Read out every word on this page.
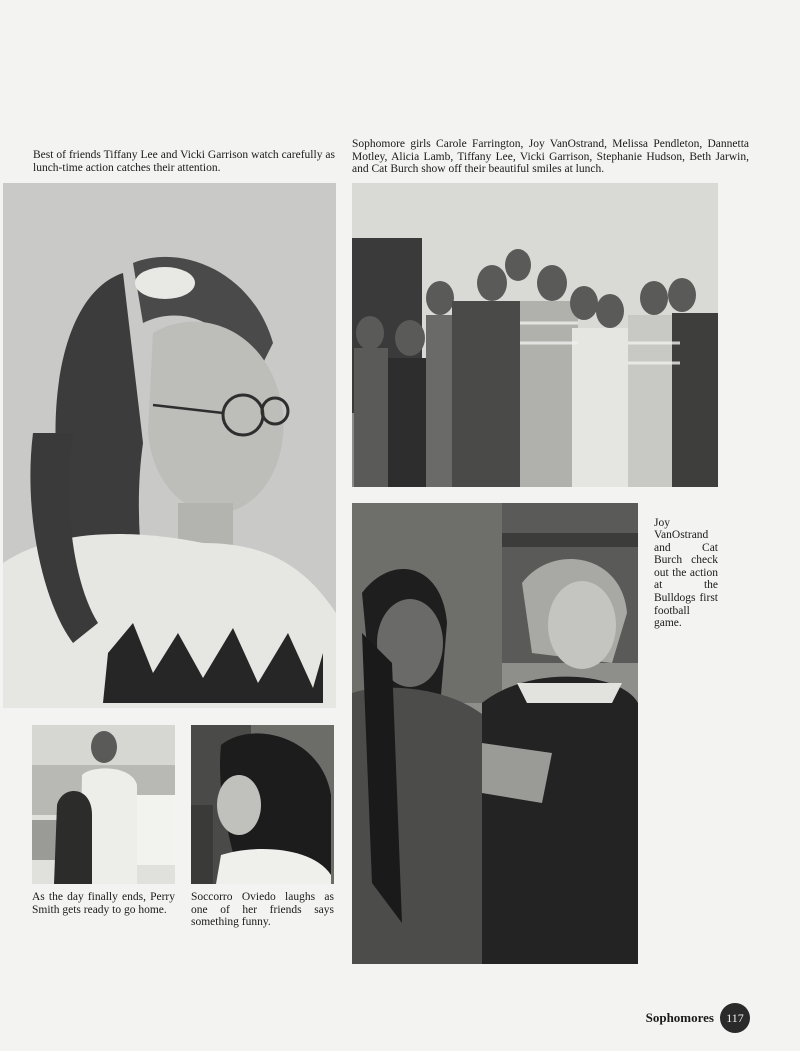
Best of friends Tiffany Lee and Vicki Garrison watch carefully as lunch-time action catches their attention.

Sophomore girls Carole Farrington, Joy VanOstrand, Melissa Pendleton, Dannetta Motley, Alicia Lamb, Tiffany Lee, Vicki Garrison, Stephanie Hudson, Beth Jarwin, and Cat Burch show off their beautiful smiles at lunch.

Joy VanOstrand and Cat Burch check out the action at the Bulldogs first football game.

As the day finally ends, Perry Smith gets ready to go home.

Soccorro Oviedo laughs as one of her friends says something funny.

Sophomores	117
